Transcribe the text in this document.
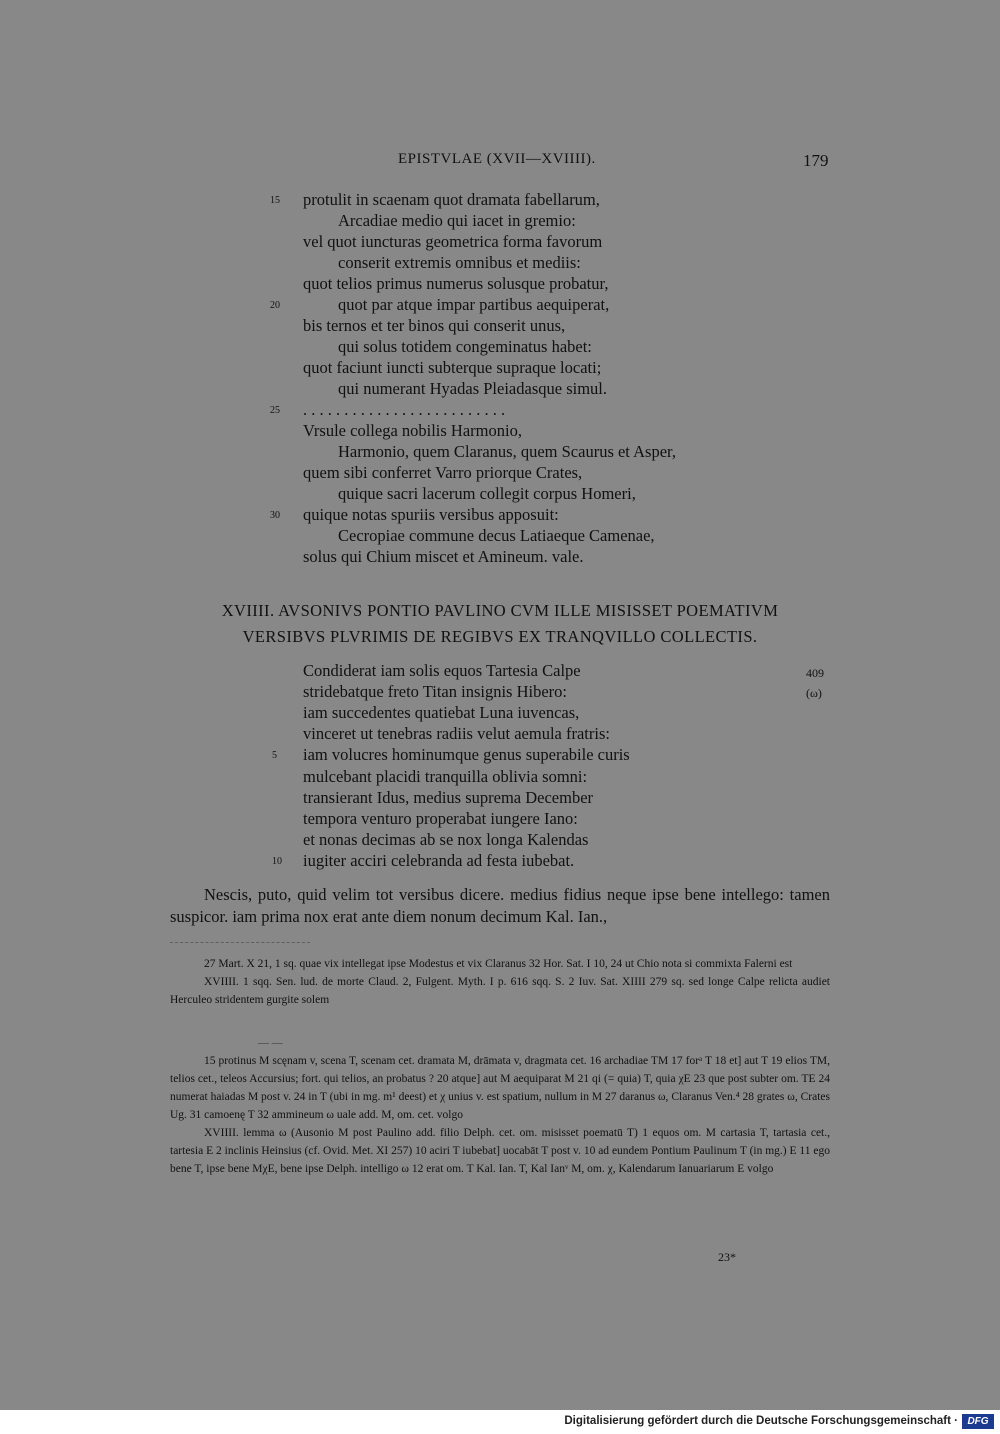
EPISTVLAE (XVII—XVIIII).	179
protulit in scaenam quot dramata fabellarum,
15
Arcadiae medio qui iacet in gremio:
vel quot iuncturas geometrica forma favorum
conserit extremis omnibus et mediis:
quot telios primus numerus solusque probatur,
quot par atque impar partibus aequiperat,
20
bis ternos et ter binos qui conserit unus,
qui solus totidem congeminatus habet:
quot faciunt iuncti subterque supraque locati;
qui numerant Hyadas Pleiadasque simul.
. . . . . . . . . . . . . . . . . . . . . . . . .
25
Vrsule collega nobilis Harmonio,
Harmonio, quem Claranus, quem Scaurus et Asper,
quem sibi conferret Varro priorque Crates,
quique sacri lacerum collegit corpus Homeri,
quique notas spuriis versibus apposuit:
30
Cecropiae commune decus Latiaeque Camenae,
solus qui Chium miscet et Amineum. vale.
XVIIII. AVSONIVS PONTIO PAVLINO CVM ILLE MISISSET POEMATIVM
VERSIBVS PLVRIMIS DE REGIBVS EX TRANQVILLO COLLECTIS.
409
(ω)
Condiderat iam solis equos Tartesia Calpe
stridebatque freto Titan insignis Hibero:
iam succedentes quatiebat Luna iuvencas,
vinceret ut tenebras radiis velut aemula fratris:
iam volucres hominumque genus superabile curis
5
mulcebant placidi tranquilla oblivia somni:
transierant Idus, medius suprema December
tempora venturo properabat iungere Iano:
et nonas decimas ab se nox longa Kalendas
iugiter acciri celebranda ad festa iubebat.
10

Nescis, puto, quid velim tot versibus dicere. medius fidius neque ipse bene intellego: tamen suspicor. iam prima nox erat ante diem nonum decimum Kal. Ian.,

27 Mart. X 21, 1 sq. quae vix intellegat ipse Modestus et vix Claranus 32 Hor. Sat. I 10, 24 ut Chio nota si commixta Falerni est

XVIIII. 1 sqq. Sen. lud. de morte Claud. 2, Fulgent. Myth. I p. 616 sqq. S. 2 Iuv. Sat. XIIII 279 sq. sed longe Calpe relicta audiet Herculeo stridentem gurgite solem

— —

15 protinus M scęnam v, scena T, scenam cet. dramata M, drāmata v, dragmata cet. 16 archadiae TM 17 forᵃ T 18 et] aut T 19 elios TM, telios cet., teleos Accursius; fort. qui telios, an probatus ? 20 atque] aut M aequiparat M 21 qi (= quia) T, quia χE 23 que post subter om. TE 24 numerat haiadas M post v. 24 in T (ubi in mg. m¹ deest) et χ unius v. est spatium, nullum in M 27 daranus ω, Claranus Ven.⁴ 28 grates ω, Crates Ug. 31 camoenę T 32 ammineum ω uale add. M, om. cet. volgo

XVIIII. lemma ω (Ausonio M post Paulino add. filio Delph. cet. om. misisset poematū T) 1 equos om. M cartasia T, tartasia cet., tartesia E 2 inclinis Heinsius (cf. Ovid. Met. XI 257) 10 aciri T iubebat] uocabāt T post v. 10 ad eundem Pontium Paulinum T (in mg.) E 11 ego bene T, ipse bene MχE, bene ipse Delph. intelligo ω 12 erat om. T Kal. Ian. T, Kal Ianᵛ M, om. χ, Kalendarum Ianuariarum E volgo

23*
Digitalisierung gefördert durch die Deutsche Forschungsgemeinschaft · DFG
